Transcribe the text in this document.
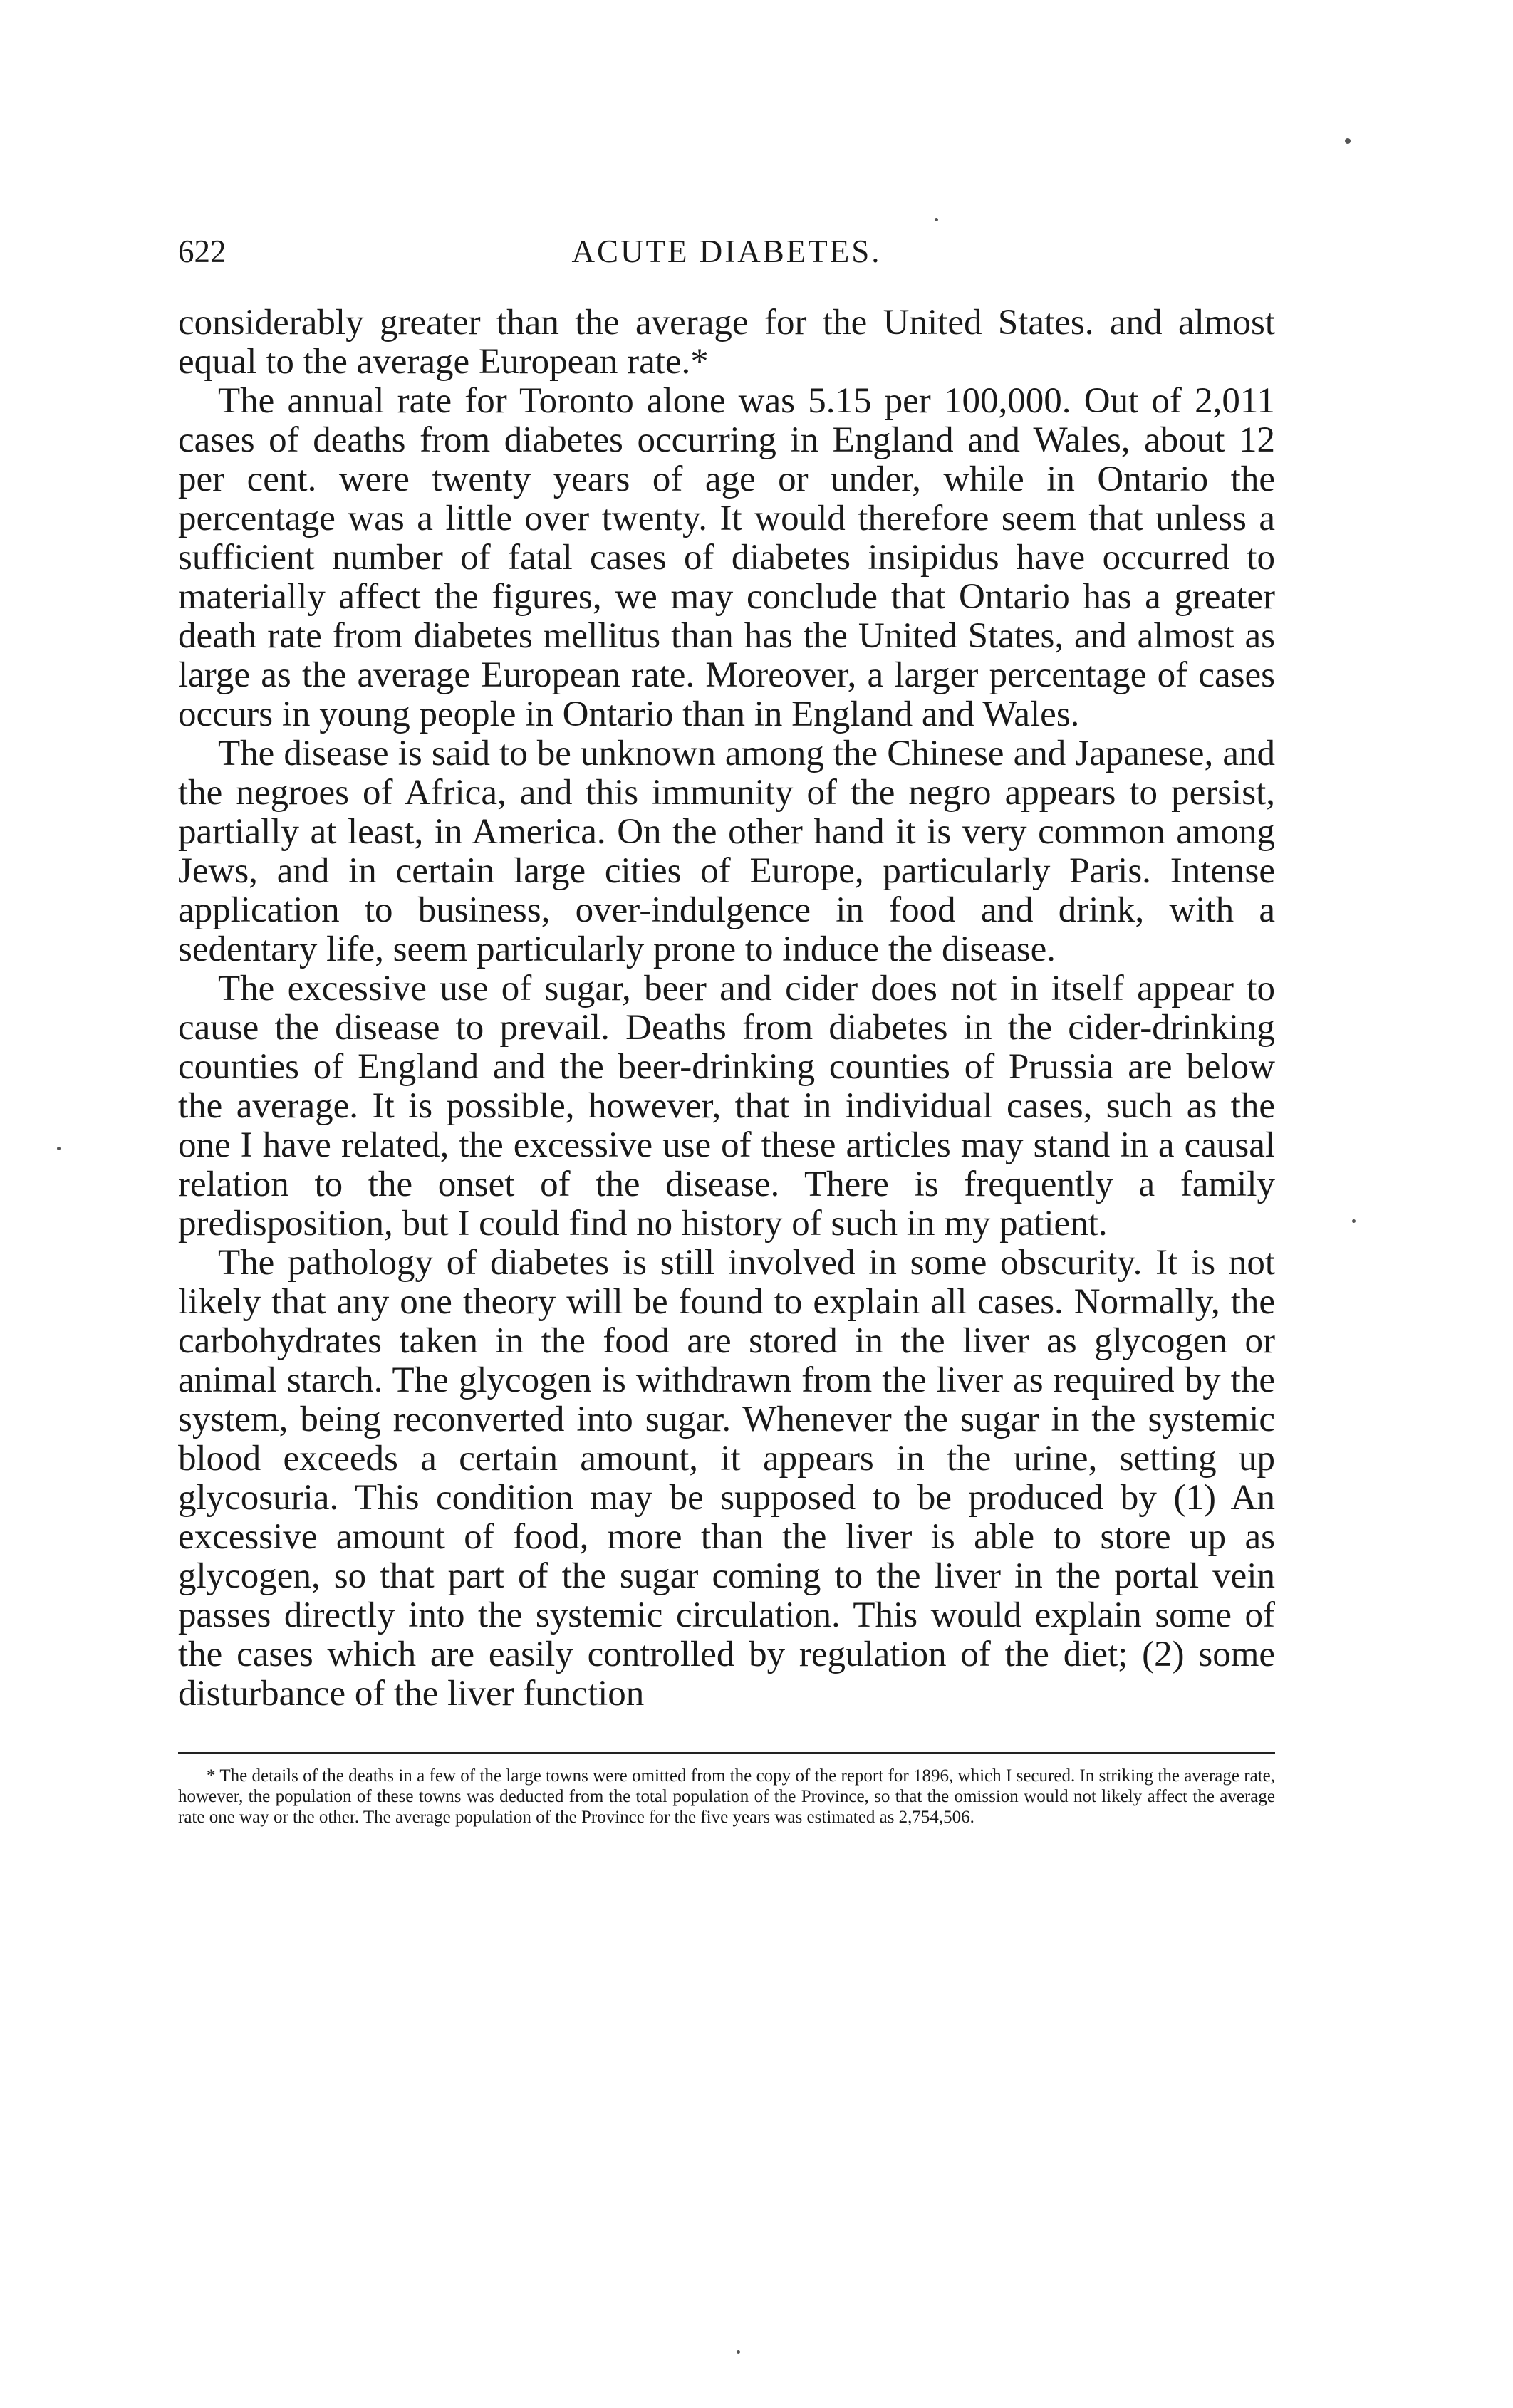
622	ACUTE DIABETES.

considerably greater than the average for the United States. and almost equal to the average European rate.*

The annual rate for Toronto alone was 5.15 per 100,000. Out of 2,011 cases of deaths from diabetes occurring in England and Wales, about 12 per cent. were twenty years of age or under, while in Ontario the percentage was a little over twenty. It would therefore seem that unless a sufficient number of fatal cases of diabetes insipidus have occurred to materially affect the figures, we may conclude that Ontario has a greater death rate from diabetes mellitus than has the United States, and almost as large as the average European rate. Moreover, a larger percentage of cases occurs in young people in Ontario than in England and Wales.

The disease is said to be unknown among the Chinese and Japanese, and the negroes of Africa, and this immunity of the negro appears to persist, partially at least, in America. On the other hand it is very common among Jews, and in certain large cities of Europe, particularly Paris. Intense application to business, over-indulgence in food and drink, with a sedentary life, seem particularly prone to induce the disease.

The excessive use of sugar, beer and cider does not in itself appear to cause the disease to prevail. Deaths from diabetes in the cider-drinking counties of England and the beer-drinking counties of Prussia are below the average. It is possible, however, that in individual cases, such as the one I have related, the excessive use of these articles may stand in a causal relation to the onset of the disease. There is frequently a family predisposition, but I could find no history of such in my patient.

The pathology of diabetes is still involved in some obscurity. It is not likely that any one theory will be found to explain all cases. Normally, the carbohydrates taken in the food are stored in the liver as glycogen or animal starch. The glycogen is withdrawn from the liver as required by the system, being reconverted into sugar. Whenever the sugar in the systemic blood exceeds a certain amount, it appears in the urine, setting up glycosuria. This condition may be supposed to be produced by (1) An excessive amount of food, more than the liver is able to store up as glycogen, so that part of the sugar coming to the liver in the portal vein passes directly into the systemic circulation. This would explain some of the cases which are easily controlled by regulation of the diet; (2) some disturbance of the liver function

* The details of the deaths in a few of the large towns were omitted from the copy of the report for 1896, which I secured. In striking the average rate, however, the population of these towns was deducted from the total population of the Province, so that the omission would not likely affect the average rate one way or the other. The average population of the Province for the five years was estimated as 2,754,506.
